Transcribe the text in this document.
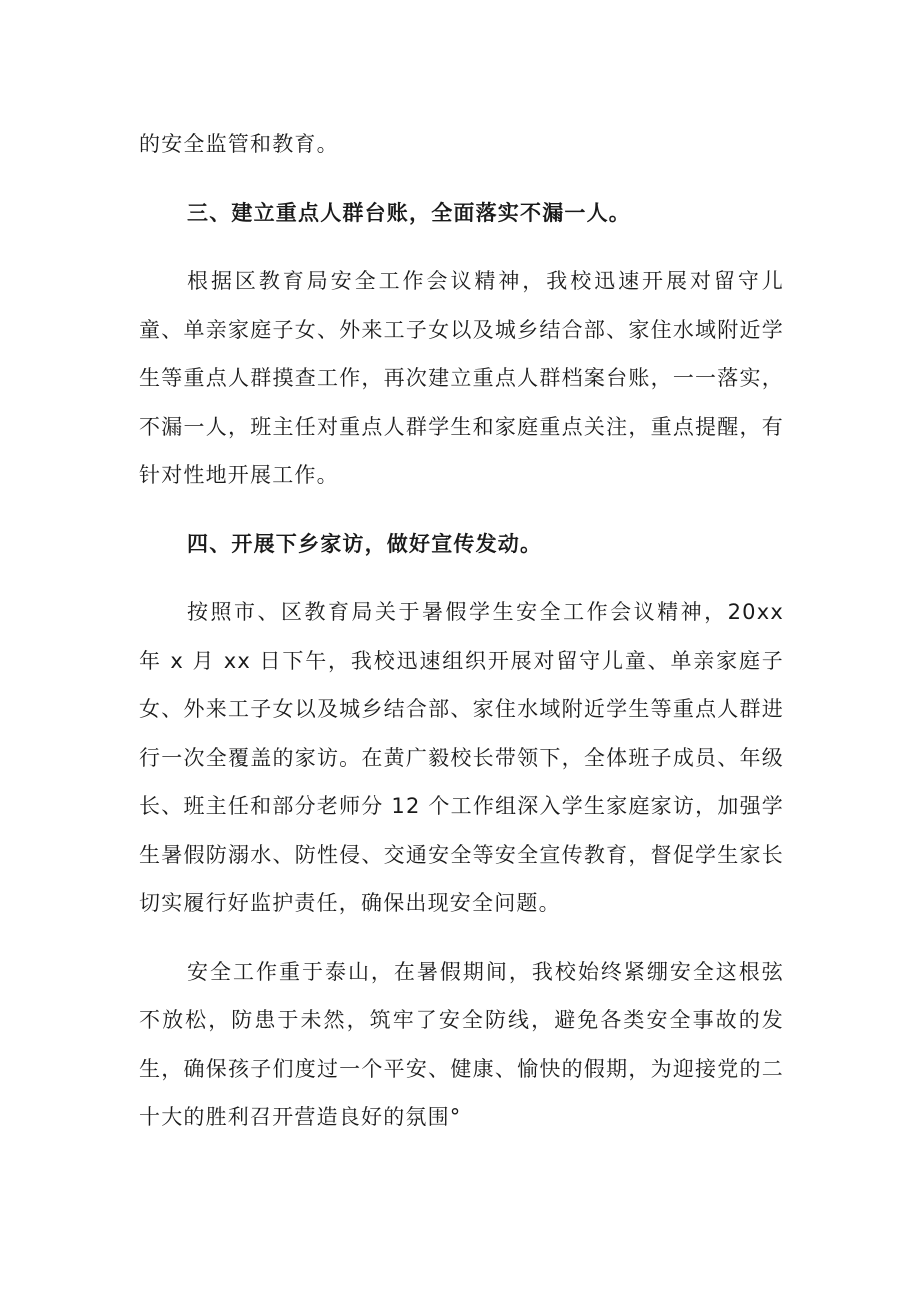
的安全监管和教育。

三、建立重点人群台账，全面落实不漏一人。

根据区教育局安全工作会议精神，我校迅速开展对留守儿童、单亲家庭子女、外来工子女以及城乡结合部、家住水域附近学生等重点人群摸查工作，再次建立重点人群档案台账，一一落实，不漏一人，班主任对重点人群学生和家庭重点关注，重点提醒，有针对性地开展工作。

四、开展下乡家访，做好宣传发动。

按照市、区教育局关于暑假学生安全工作会议精神，20xx 年 x 月 xx 日下午，我校迅速组织开展对留守儿童、单亲家庭子女、外来工子女以及城乡结合部、家住水域附近学生等重点人群进行一次全覆盖的家访。在黄广毅校长带领下，全体班子成员、年级长、班主任和部分老师分 12 个工作组深入学生家庭家访，加强学生暑假防溺水、防性侵、交通安全等安全宣传教育，督促学生家长切实履行好监护责任，确保出现安全问题。

安全工作重于泰山，在暑假期间，我校始终紧绷安全这根弦不放松，防患于未然，筑牢了安全防线，避免各类安全事故的发生，确保孩子们度过一个平安、健康、愉快的假期，为迎接党的二十大的胜利召开营造良好的氛围°
